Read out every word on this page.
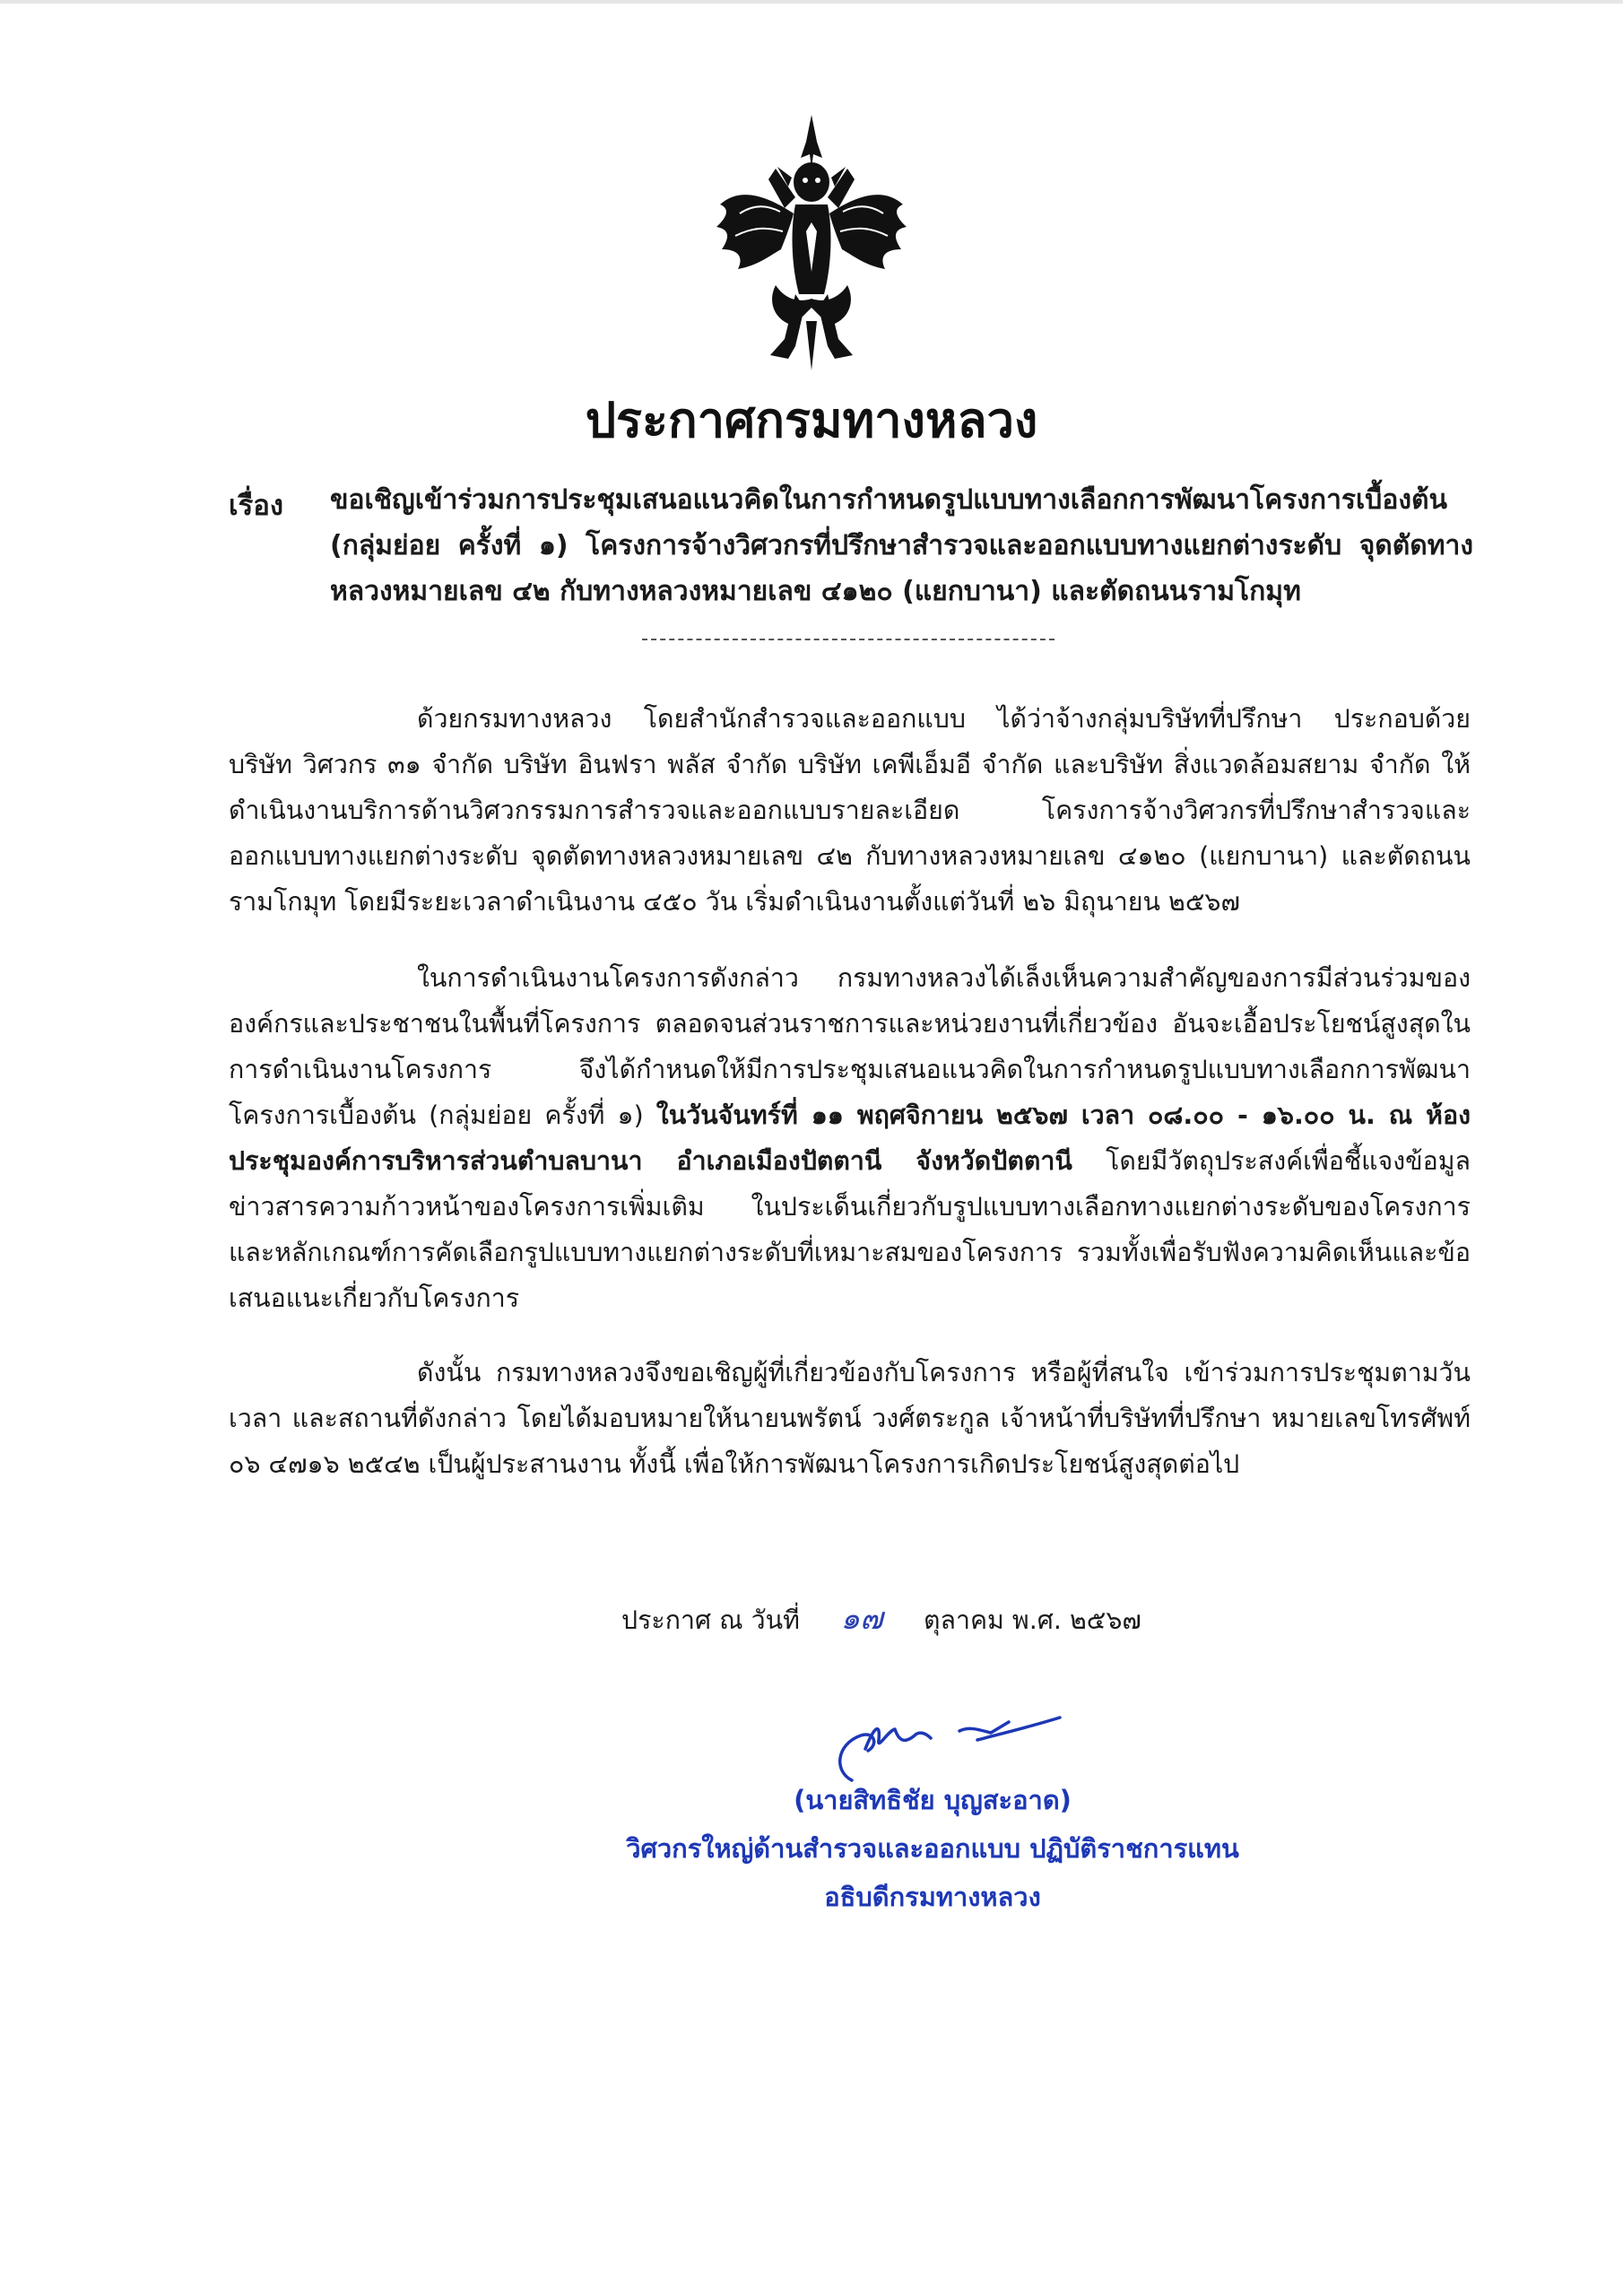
ประกาศกรมทางหลวง
เรื่อง ขอเชิญเข้าร่วมการประชุมเสนอแนวคิดในการกำหนดรูปแบบทางเลือกการพัฒนาโครงการเบื้องต้น (กลุ่มย่อย ครั้งที่ ๑) โครงการจ้างวิศวกรที่ปรึกษาสำรวจและออกแบบทางแยกต่างระดับ จุดตัดทางหลวงหมายเลข ๔๒ กับทางหลวงหมายเลข ๔๑๒๐ (แยกบานา) และตัดถนนรามโกมุท
ด้วยกรมทางหลวง โดยสำนักสำรวจและออกแบบ ได้ว่าจ้างกลุ่มบริษัทที่ปรึกษา ประกอบด้วย บริษัท วิศวกร ๓๑ จำกัด บริษัท อินฟรา พลัส จำกัด บริษัท เคพีเอ็มอี จำกัด และบริษัท สิ่งแวดล้อมสยาม จำกัด ให้ดำเนินงานบริการด้านวิศวกรรมการสำรวจและออกแบบรายละเอียด โครงการจ้างวิศวกรที่ปรึกษาสำรวจและออกแบบทางแยกต่างระดับ จุดตัดทางหลวงหมายเลข ๔๒ กับทางหลวงหมายเลข ๔๑๒๐ (แยกบานา) และตัดถนนรามโกมุท โดยมีระยะเวลาดำเนินงาน ๔๕๐ วัน เริ่มดำเนินงานตั้งแต่วันที่ ๒๖ มิถุนายน ๒๕๖๗
ในการดำเนินงานโครงการดังกล่าว กรมทางหลวงได้เล็งเห็นความสำคัญของการมีส่วนร่วมขององค์กรและประชาชนในพื้นที่โครงการ ตลอดจนส่วนราชการและหน่วยงานที่เกี่ยวข้อง อันจะเอื้อประโยชน์สูงสุดในการดำเนินงานโครงการ จึงได้กำหนดให้มีการประชุมเสนอแนวคิดในการกำหนดรูปแบบทางเลือกการพัฒนาโครงการเบื้องต้น (กลุ่มย่อย ครั้งที่ ๑) ในวันจันทร์ที่ ๑๑ พฤศจิกายน ๒๕๖๗ เวลา ๐๘.๐๐ - ๑๖.๐๐ น. ณ ห้องประชุมองค์การบริหารส่วนตำบลบานา อำเภอเมืองปัตตานี จังหวัดปัตตานี โดยมีวัตถุประสงค์เพื่อชี้แจงข้อมูลข่าวสารความก้าวหน้าของโครงการเพิ่มเติม ในประเด็นเกี่ยวกับรูปแบบทางเลือกทางแยกต่างระดับของโครงการ และหลักเกณฑ์การคัดเลือกรูปแบบทางแยกต่างระดับที่เหมาะสมของโครงการ รวมทั้งเพื่อรับฟังความคิดเห็นและข้อเสนอแนะเกี่ยวกับโครงการ
ดังนั้น กรมทางหลวงจึงขอเชิญผู้ที่เกี่ยวข้องกับโครงการ หรือผู้ที่สนใจ เข้าร่วมการประชุมตามวัน เวลา และสถานที่ดังกล่าว โดยได้มอบหมายให้นายนพรัตน์ วงศ์ตระกูล เจ้าหน้าที่บริษัทที่ปรึกษา หมายเลขโทรศัพท์ ๐๖ ๔๗๑๖ ๒๕๔๒ เป็นผู้ประสานงาน ทั้งนี้ เพื่อให้การพัฒนาโครงการเกิดประโยชน์สูงสุดต่อไป
ประกาศ ณ วันที่ ๑๗ ตุลาคม พ.ศ. ๒๕๖๗
(นายสิทธิชัย บุญสะอาด)
วิศวกรใหญ่ด้านสำรวจและออกแบบ ปฏิบัติราชการแทน
อธิบดีกรมทางหลวง
